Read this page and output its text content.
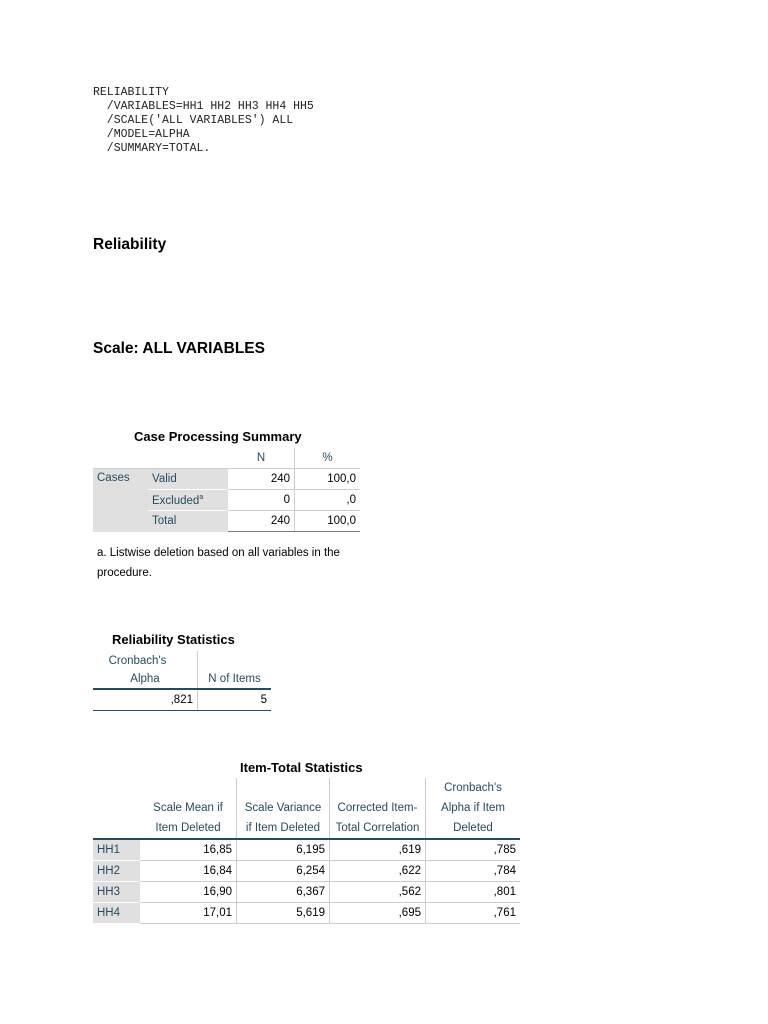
RELIABILITY
/VARIABLES=HH1 HH2 HH3 HH4 HH5
/SCALE('ALL VARIABLES') ALL
/MODEL=ALPHA
/SUMMARY=TOTAL.
Reliability
Scale: ALL VARIABLES
Case Processing Summary
		N	%
Cases	Valid	240	100,0
	Excluded$^a$	0	,0
	Total	240	100,0
a. Listwise deletion based on all variables in the procedure.
Reliability Statistics
Cronbach's	
Alpha	N of Items
,821	5
Item-Total Statistics
				Cronbach's
	Scale Mean if	Scale Variance	Corrected Item-	Alpha if Item
	Item Deleted	if Item Deleted	Total Correlation	Deleted
HH1	16,85	6,195	,619	,785
HH2	16,84	6,254	,622	,784
HH3	16,90	6,367	,562	,801
HH4	17,01	5,619	,695	,761
